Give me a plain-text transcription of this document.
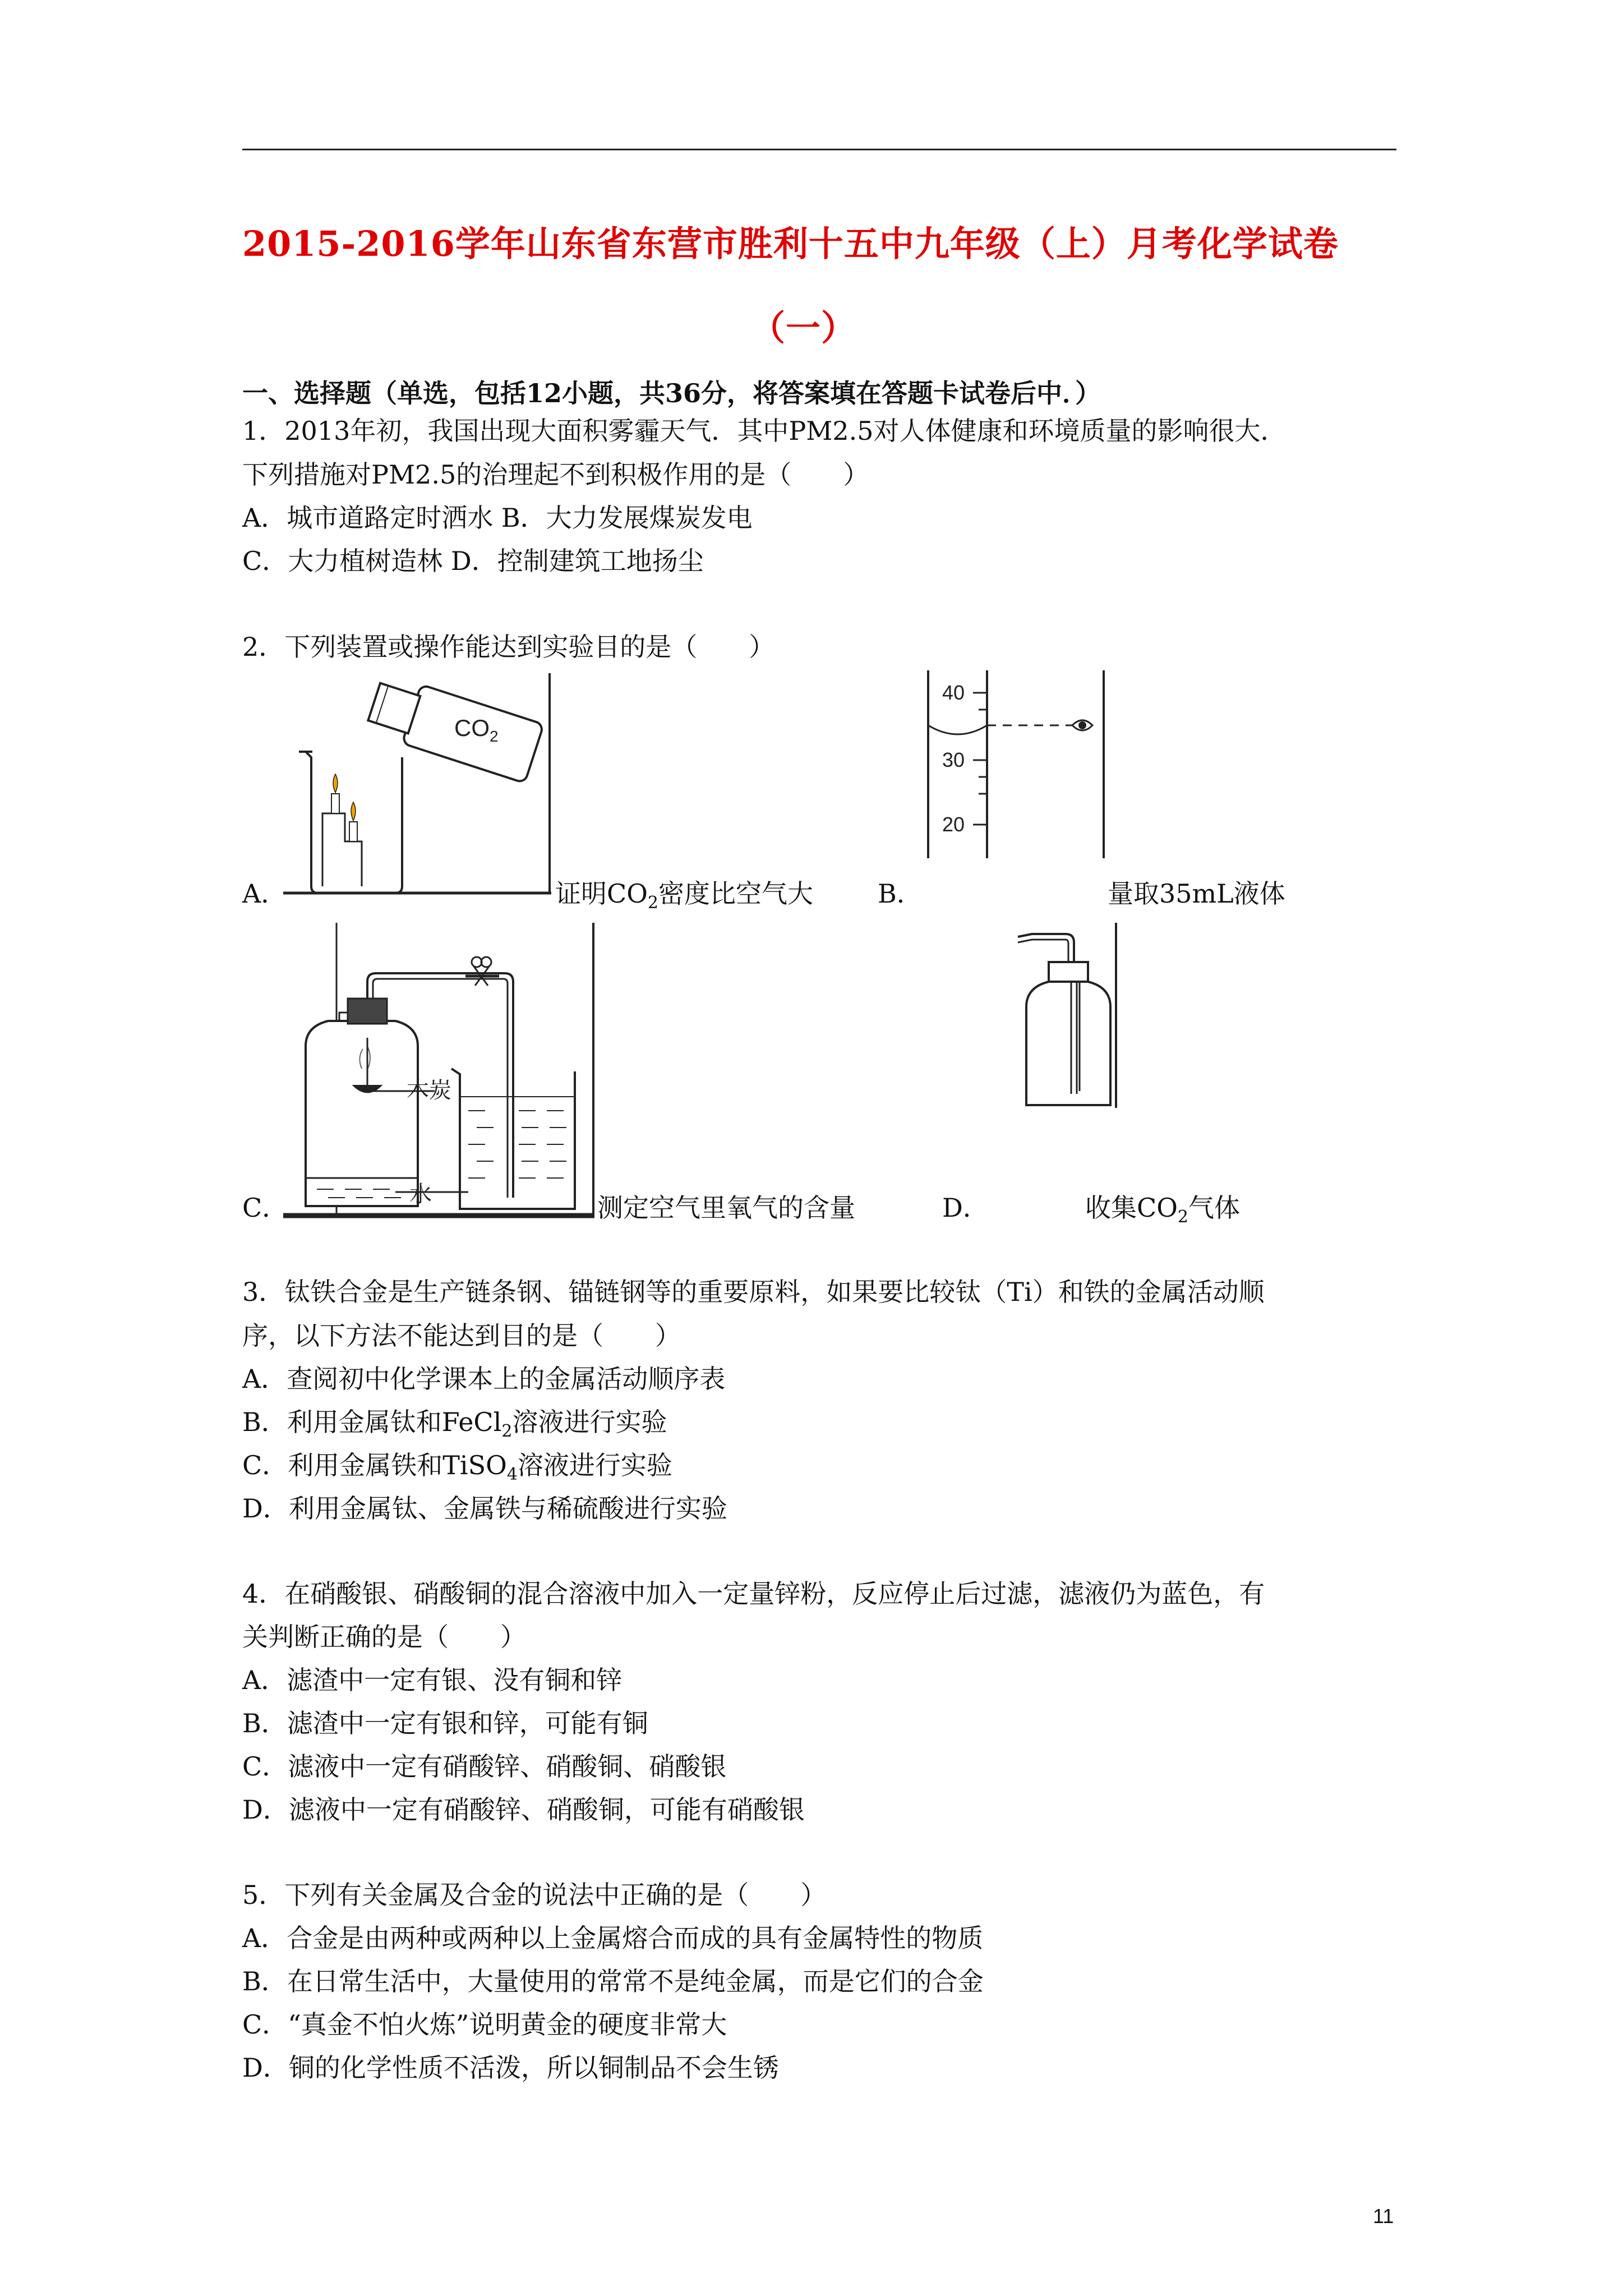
2015-2016学年山东省东营市胜利十五中九年级（上）月考化学试卷
（一）
一、选择题（单选，包括12小题，共36分，将答案填在答题卡试卷后中．）
1．2013年初，我国出现大面积雾霾天气．其中PM2.5对人体健康和环境质量的影响很大．
下列措施对PM2.5的治理起不到积极作用的是（　　）
A．城市道路定时洒水 B．大力发展煤炭发电
C．大力植树造林 D．控制建筑工地扬尘
2．下列装置或操作能达到实验目的是（　　）
$CO_2$
A．	证明$CO_2$密度比空气大
40
30
20
B．	量取35mL液体
木炭
水
C．	测定空气里氧气的含量	D．	收集$CO_2$气体
3．钛铁合金是生产链条钢、锚链钢等的重要原料，如果要比较钛（Ti）和铁的金属活动顺
序，以下方法不能达到目的是（　　）
A．查阅初中化学课本上的金属活动顺序表
B．利用金属钛和FeCl$_2$溶液进行实验
C．利用金属铁和TiSO$_4$溶液进行实验
D．利用金属钛、金属铁与稀硫酸进行实验
4．在硝酸银、硝酸铜的混合溶液中加入一定量锌粉，反应停止后过滤，滤液仍为蓝色，有
关判断正确的是（　　）
A．滤渣中一定有银、没有铜和锌
B．滤渣中一定有银和锌，可能有铜
C．滤液中一定有硝酸锌、硝酸铜、硝酸银
D．滤液中一定有硝酸锌、硝酸铜，可能有硝酸银
5．下列有关金属及合金的说法中正确的是（　　）
A．合金是由两种或两种以上金属熔合而成的具有金属特性的物质
B．在日常生活中，大量使用的常常不是纯金属，而是它们的合金
C．“真金不怕火炼”说明黄金的硬度非常大
D．铜的化学性质不活泼，所以铜制品不会生锈
11
